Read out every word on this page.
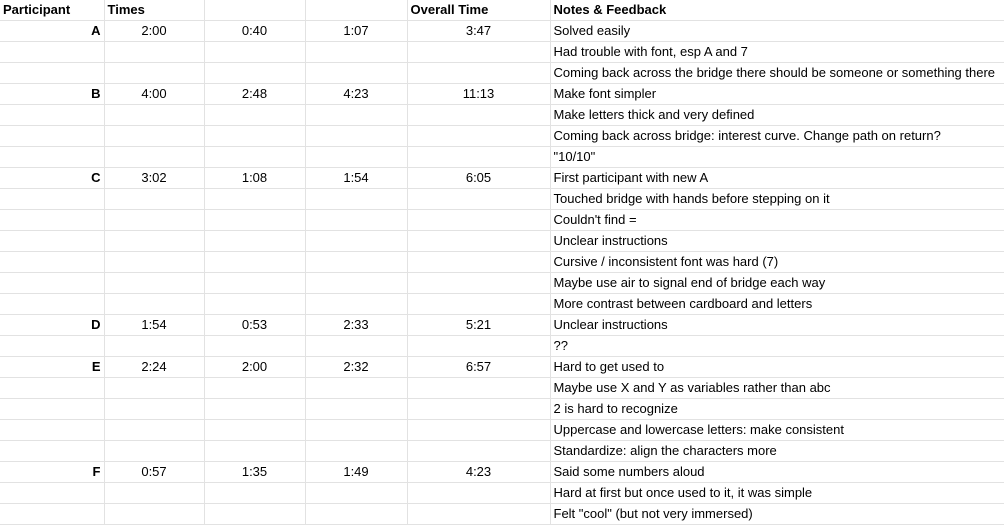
Participant	Times			Overall Time	Notes & Feedback
A	2:00	0:40	1:07	3:47	Solved easily
					Had trouble with font, esp A and 7
					Coming back across the bridge there should be someone or something there
B	4:00	2:48	4:23	11:13	Make font simpler
					Make letters thick and very defined
					Coming back across bridge: interest curve. Change path on return?
					"10/10"
C	3:02	1:08	1:54	6:05	First participant with new A
					Touched bridge with hands before stepping on it
					Couldn't find =
					Unclear instructions
					Cursive / inconsistent font was hard (7)
					Maybe use air to signal end of bridge each way
					More contrast between cardboard and letters
D	1:54	0:53	2:33	5:21	Unclear instructions
					??
E	2:24	2:00	2:32	6:57	Hard to get used to
					Maybe use X and Y as variables rather than abc
					2 is hard to recognize
					Uppercase and lowercase letters: make consistent
					Standardize: align the characters more
F	0:57	1:35	1:49	4:23	Said some numbers aloud
					Hard at first but once used to it, it was simple
					Felt "cool" (but not very immersed)
